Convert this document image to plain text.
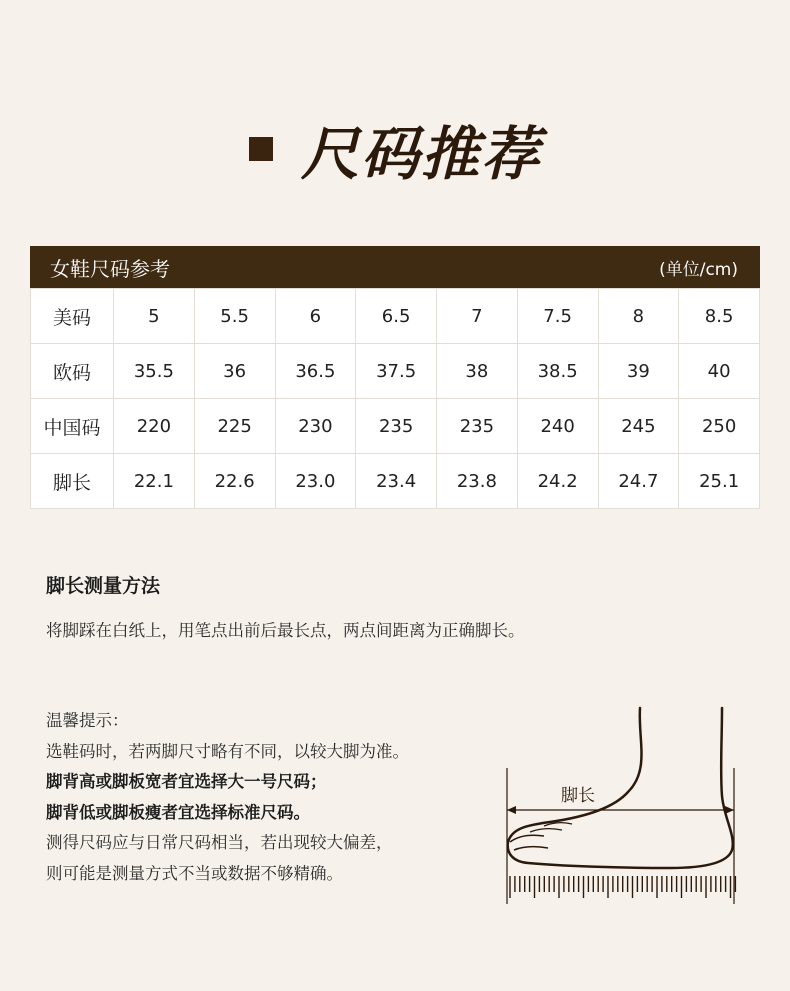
尺码推荐
女鞋尺码参考	(单位/cm)
美码	5	5.5	6	6.5	7	7.5	8	8.5
欧码	35.5	36	36.5	37.5	38	38.5	39	40
中国码	220	225	230	235	235	240	245	250
脚长	22.1	22.6	23.0	23.4	23.8	24.2	24.7	25.1
脚长测量方法
将脚踩在白纸上，用笔点出前后最长点，两点间距离为正确脚长。
温馨提示：
选鞋码时，若两脚尺寸略有不同，以较大脚为准。
脚背高或脚板宽者宜选择大一号尺码；
脚背低或脚板瘦者宜选择标准尺码。
测得尺码应与日常尺码相当，若出现较大偏差，
则可能是测量方式不当或数据不够精确。
脚长
